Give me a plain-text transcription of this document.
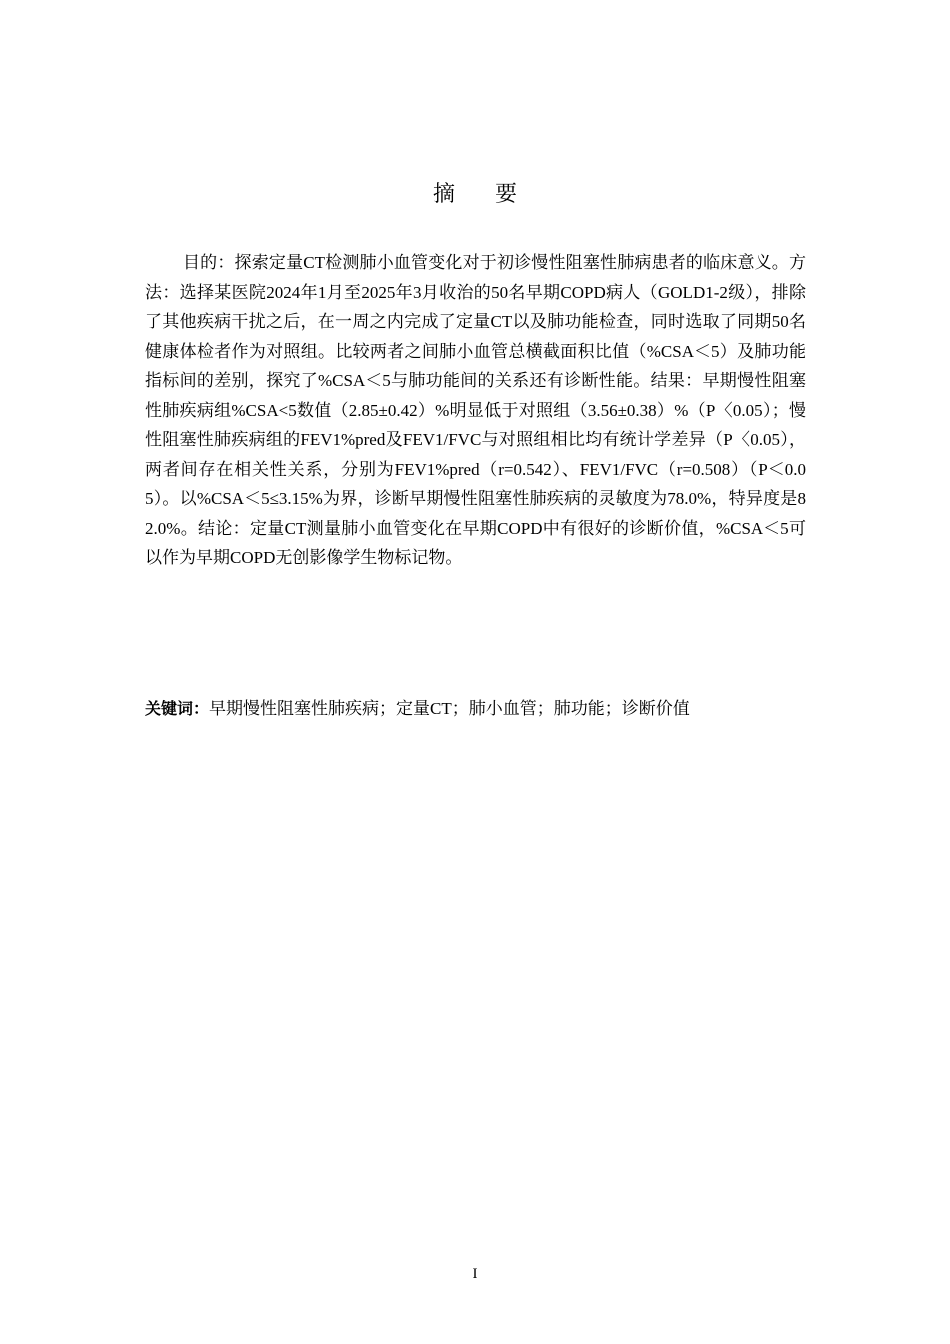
摘要

目的：探索定量CT检测肺小血管变化对于初诊慢性阻塞性肺病患者的临床意义。方法：选择某医院2024年1月至2025年3月收治的50名早期COPD病人（GOLD1-2级），排除了其他疾病干扰之后，在一周之内完成了定量CT以及肺功能检查，同时选取了同期50名健康体检者作为对照组。比较两者之间肺小血管总横截面积比值（%CSA＜5）及肺功能指标间的差别，探究了%CSA＜5与肺功能间的关系还有诊断性能。结果：早期慢性阻塞性肺疾病组%CSA<5数值（2.85±0.42）%明显低于对照组（3.56±0.38）%（P〈0.05）；慢性阻塞性肺疾病组的FEV1%pred及FEV1/FVC与对照组相比均有统计学差异（P〈0.05），两者间存在相关性关系，分别为FEV1%pred（r=0.542）、FEV1/FVC（r=0.508）（P＜0.05）。以%CSA＜5≤3.15%为界，诊断早期慢性阻塞性肺疾病的灵敏度为78.0%，特异度是82.0%。结论：定量CT测量肺小血管变化在早期COPD中有很好的诊断价值，%CSA＜5可以作为早期COPD无创影像学生物标记物。

关键词：早期慢性阻塞性肺疾病；定量CT；肺小血管；肺功能；诊断价值

I
